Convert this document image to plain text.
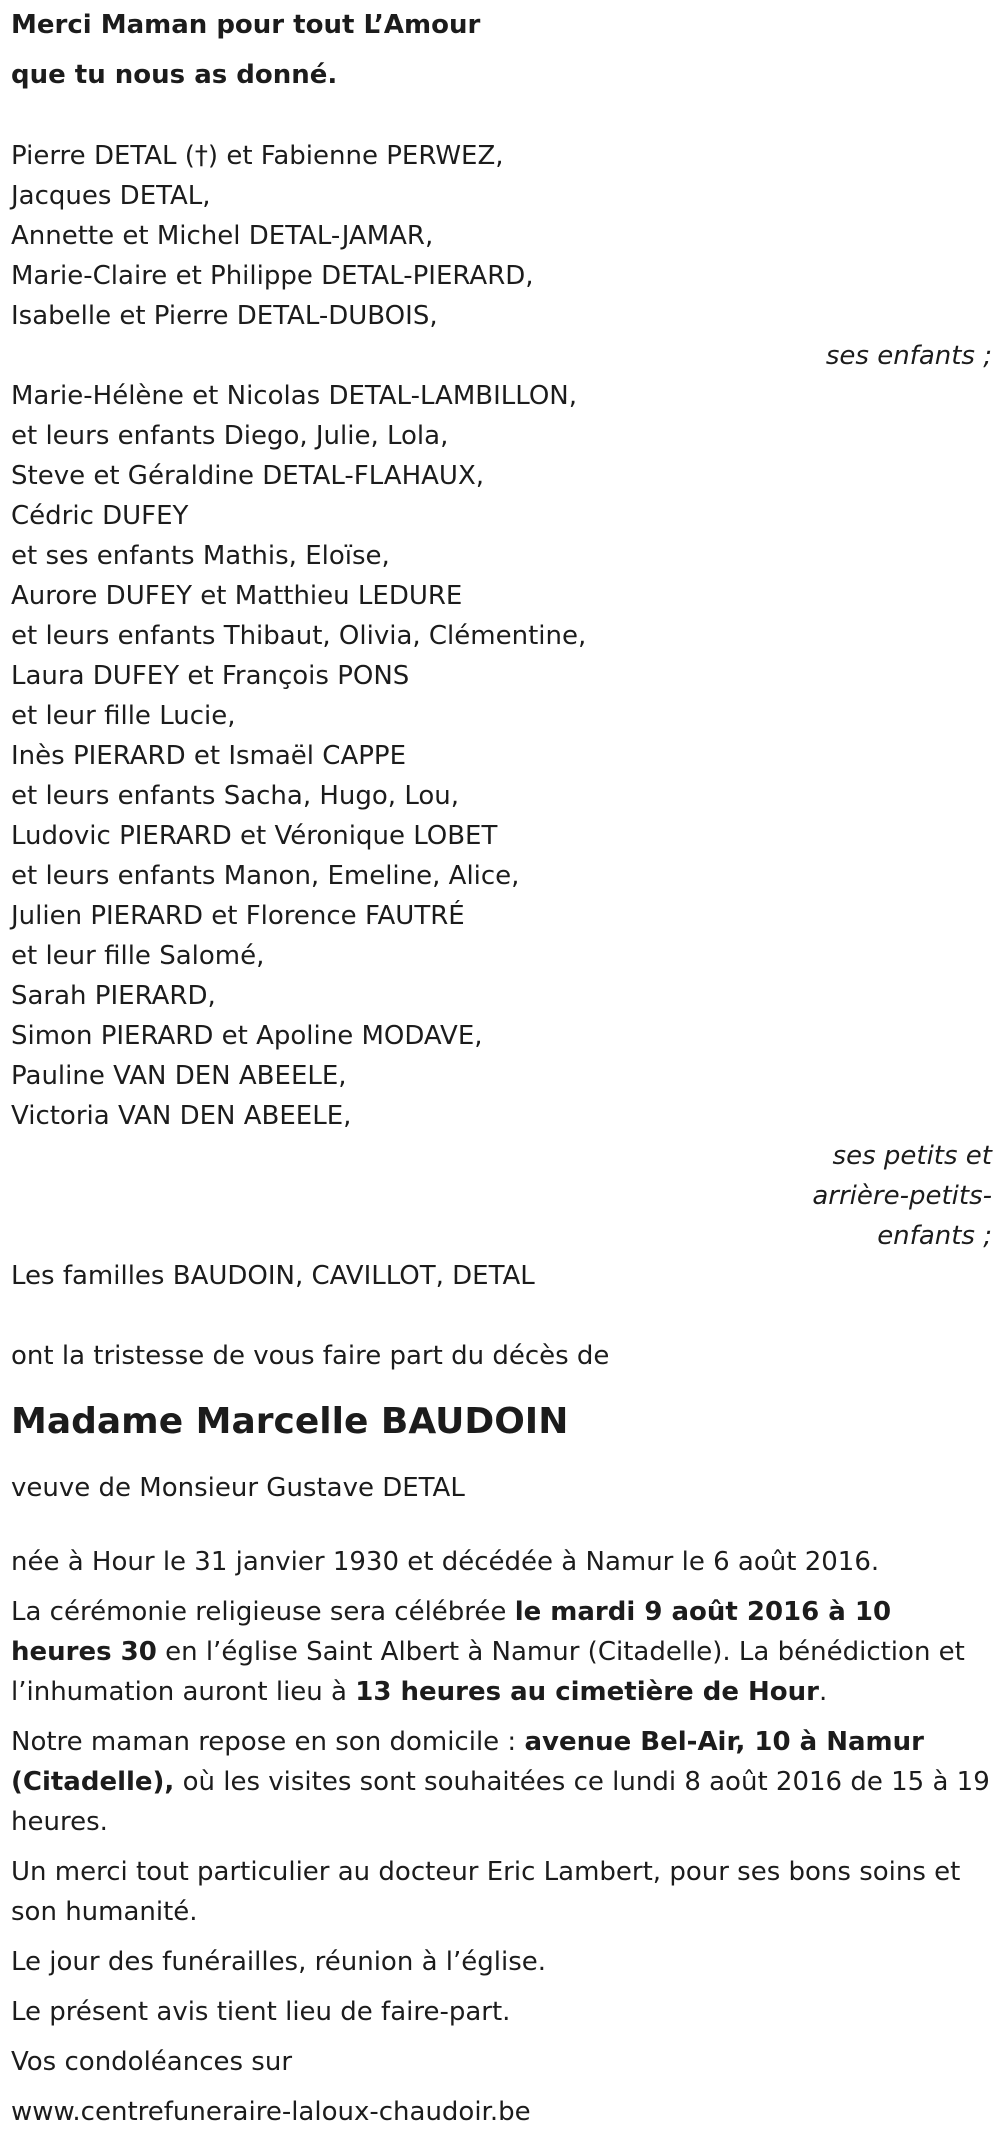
Merci Maman pour tout L’Amour
que tu nous as donné.
Pierre DETAL (†) et Fabienne PERWEZ,
Jacques DETAL,
Annette et Michel DETAL-JAMAR,
Marie-Claire et Philippe DETAL-PIERARD,
Isabelle et Pierre DETAL-DUBOIS,
ses enfants ;
Marie-Hélène et Nicolas DETAL-LAMBILLON,
et leurs enfants Diego, Julie, Lola,
Steve et Géraldine DETAL-FLAHAUX,
Cédric DUFEY
et ses enfants Mathis, Eloïse,
Aurore DUFEY et Matthieu LEDURE
et leurs enfants Thibaut, Olivia, Clémentine,
Laura DUFEY et François PONS
et leur fille Lucie,
Inès PIERARD et Ismaël CAPPE
et leurs enfants Sacha, Hugo, Lou,
Ludovic PIERARD et Véronique LOBET
et leurs enfants Manon, Emeline, Alice,
Julien PIERARD et Florence FAUTRÉ
et leur fille Salomé,
Sarah PIERARD,
Simon PIERARD et Apoline MODAVE,
Pauline VAN DEN ABEELE,
Victoria VAN DEN ABEELE,
ses petits et
arrière-petits-
enfants ;
Les familles BAUDOIN, CAVILLOT, DETAL
ont la tristesse de vous faire part du décès de
Madame Marcelle BAUDOIN
veuve de Monsieur Gustave DETAL
née à Hour le 31 janvier 1930 et décédée à Namur le 6 août 2016.
La cérémonie religieuse sera célébrée le mardi 9 août 2016 à 10 heures 30 en l’église Saint Albert à Namur (Citadelle). La bénédiction et l’inhumation auront lieu à 13 heures au cimetière de Hour.
Notre maman repose en son domicile : avenue Bel-Air, 10 à Namur (Citadelle), où les visites sont souhaitées ce lundi 8 août 2016 de 15 à 19 heures.
Un merci tout particulier au docteur Eric Lambert, pour ses bons soins et son humanité.
Le jour des funérailles, réunion à l’église.
Le présent avis tient lieu de faire-part.
Vos condoléances sur
www.centrefuneraire-laloux-chaudoir.be
